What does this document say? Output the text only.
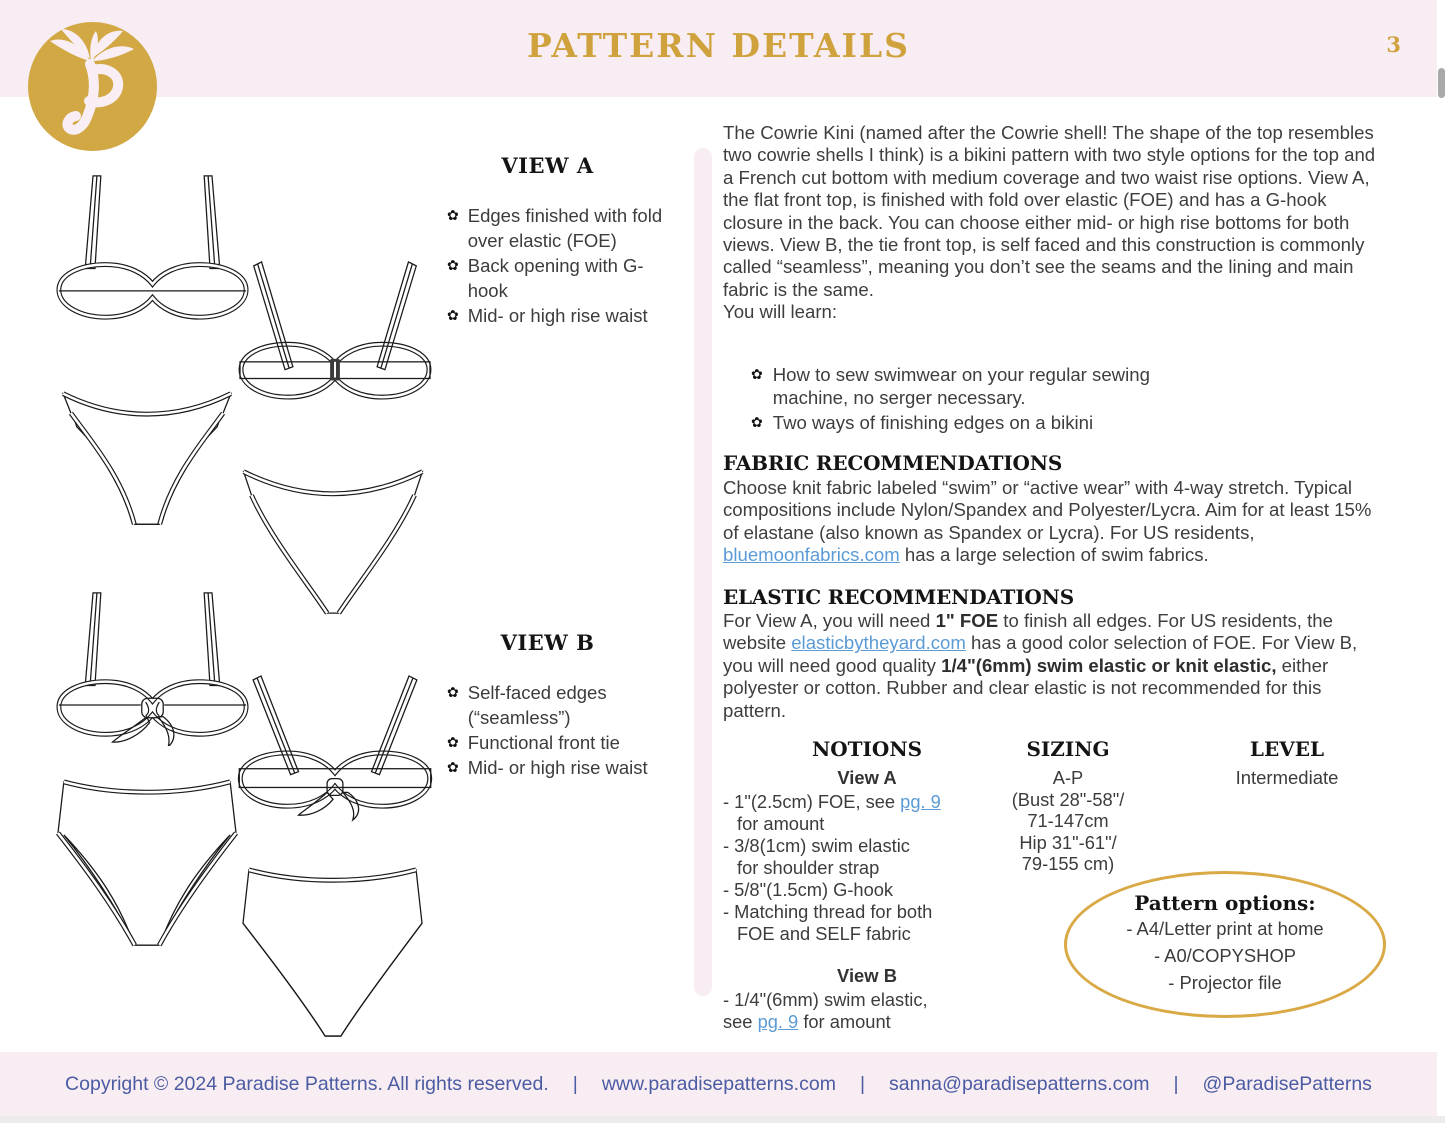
PATTERN DETAILS	3
VIEW A
✿ Edges finished with fold over elastic (FOE)
✿ Back opening with G-hook
✿ Mid- or high rise waist
VIEW B
✿ Self-faced edges (“seamless”)
✿ Functional front tie
✿ Mid- or high rise waist
The Cowrie Kini (named after the Cowrie shell! The shape of the top resembles two cowrie shells I think) is a bikini pattern with two style options for the top and a French cut bottom with medium coverage and two waist rise options. View A, the flat front top, is finished with fold over elastic (FOE) and has a G-hook closure in the back. You can choose either mid- or high rise bottoms for both views. View B, the tie front top, is self faced and this construction is commonly called “seamless”, meaning you don’t see the seams and the lining and main fabric is the same.
You will learn:
✿ How to sew swimwear on your regular sewing machine, no serger necessary.
✿ Two ways of finishing edges on a bikini
FABRIC RECOMMENDATIONS
Choose knit fabric labeled “swim” or “active wear” with 4-way stretch. Typical compositions include Nylon/Spandex and Polyester/Lycra. Aim for at least 15% of elastane (also known as Spandex or Lycra). For US residents, bluemoonfabrics.com has a large selection of swim fabrics.
ELASTIC RECOMMENDATIONS
For View A, you will need 1" FOE to finish all edges. For US residents, the website elasticbytheyard.com has a good color selection of FOE. For View B, you will need good quality 1/4"(6mm) swim elastic or knit elastic, either polyester or cotton. Rubber and clear elastic is not recommended for this pattern.
NOTIONS
View A
- 1"(2.5cm) FOE, see pg. 9
for amount
- 3/8(1cm) swim elastic
for shoulder strap
- 5/8"(1.5cm) G-hook
- Matching thread for both
FOE and SELF fabric
View B
- 1/4"(6mm) swim elastic,
see pg. 9 for amount
SIZING
A-P
(Bust 28"-58"/
71-147cm
Hip 31"-61"/
79-155 cm)
LEVEL
Intermediate
Pattern options:
- A4/Letter print at home
- A0/COPYSHOP
- Projector file
Copyright © 2024 Paradise Patterns. All rights reserved. | www.paradisepatterns.com | sanna@paradisepatterns.com | @ParadisePatterns
